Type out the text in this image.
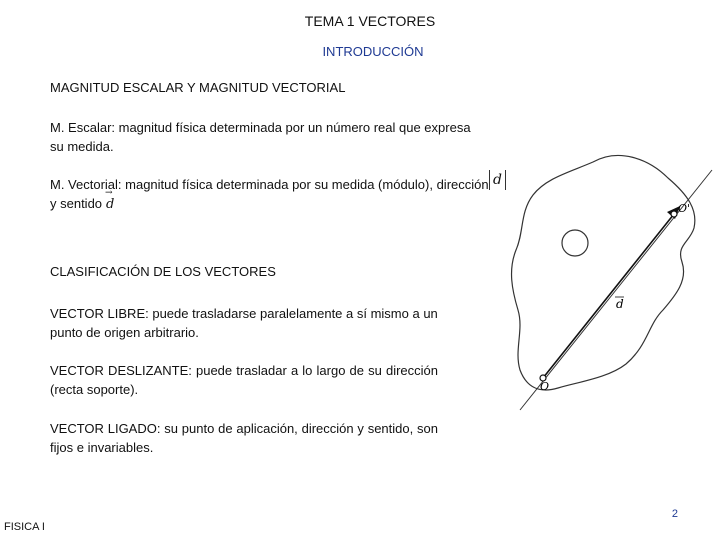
TEMA 1 VECTORES
INTRODUCCIÓN
MAGNITUD ESCALAR Y MAGNITUD VECTORIAL
M. Escalar: magnitud física determinada por un número real que expresa su medida.
M. Vectorial: magnitud física determinada por su medida (módulo), dirección y sentido→ d
d
CLASIFICACIÓN DE LOS VECTORES
VECTOR LIBRE: puede trasladarse paralelamente a sí mismo a un punto de origen arbitrario.
VECTOR DESLIZANTE: puede trasladar a lo largo de su dirección (recta soporte).
VECTOR LIGADO: su punto de aplicación, dirección y sentido, son fijos e invariables.
O
O'
d
2
FISICA I
